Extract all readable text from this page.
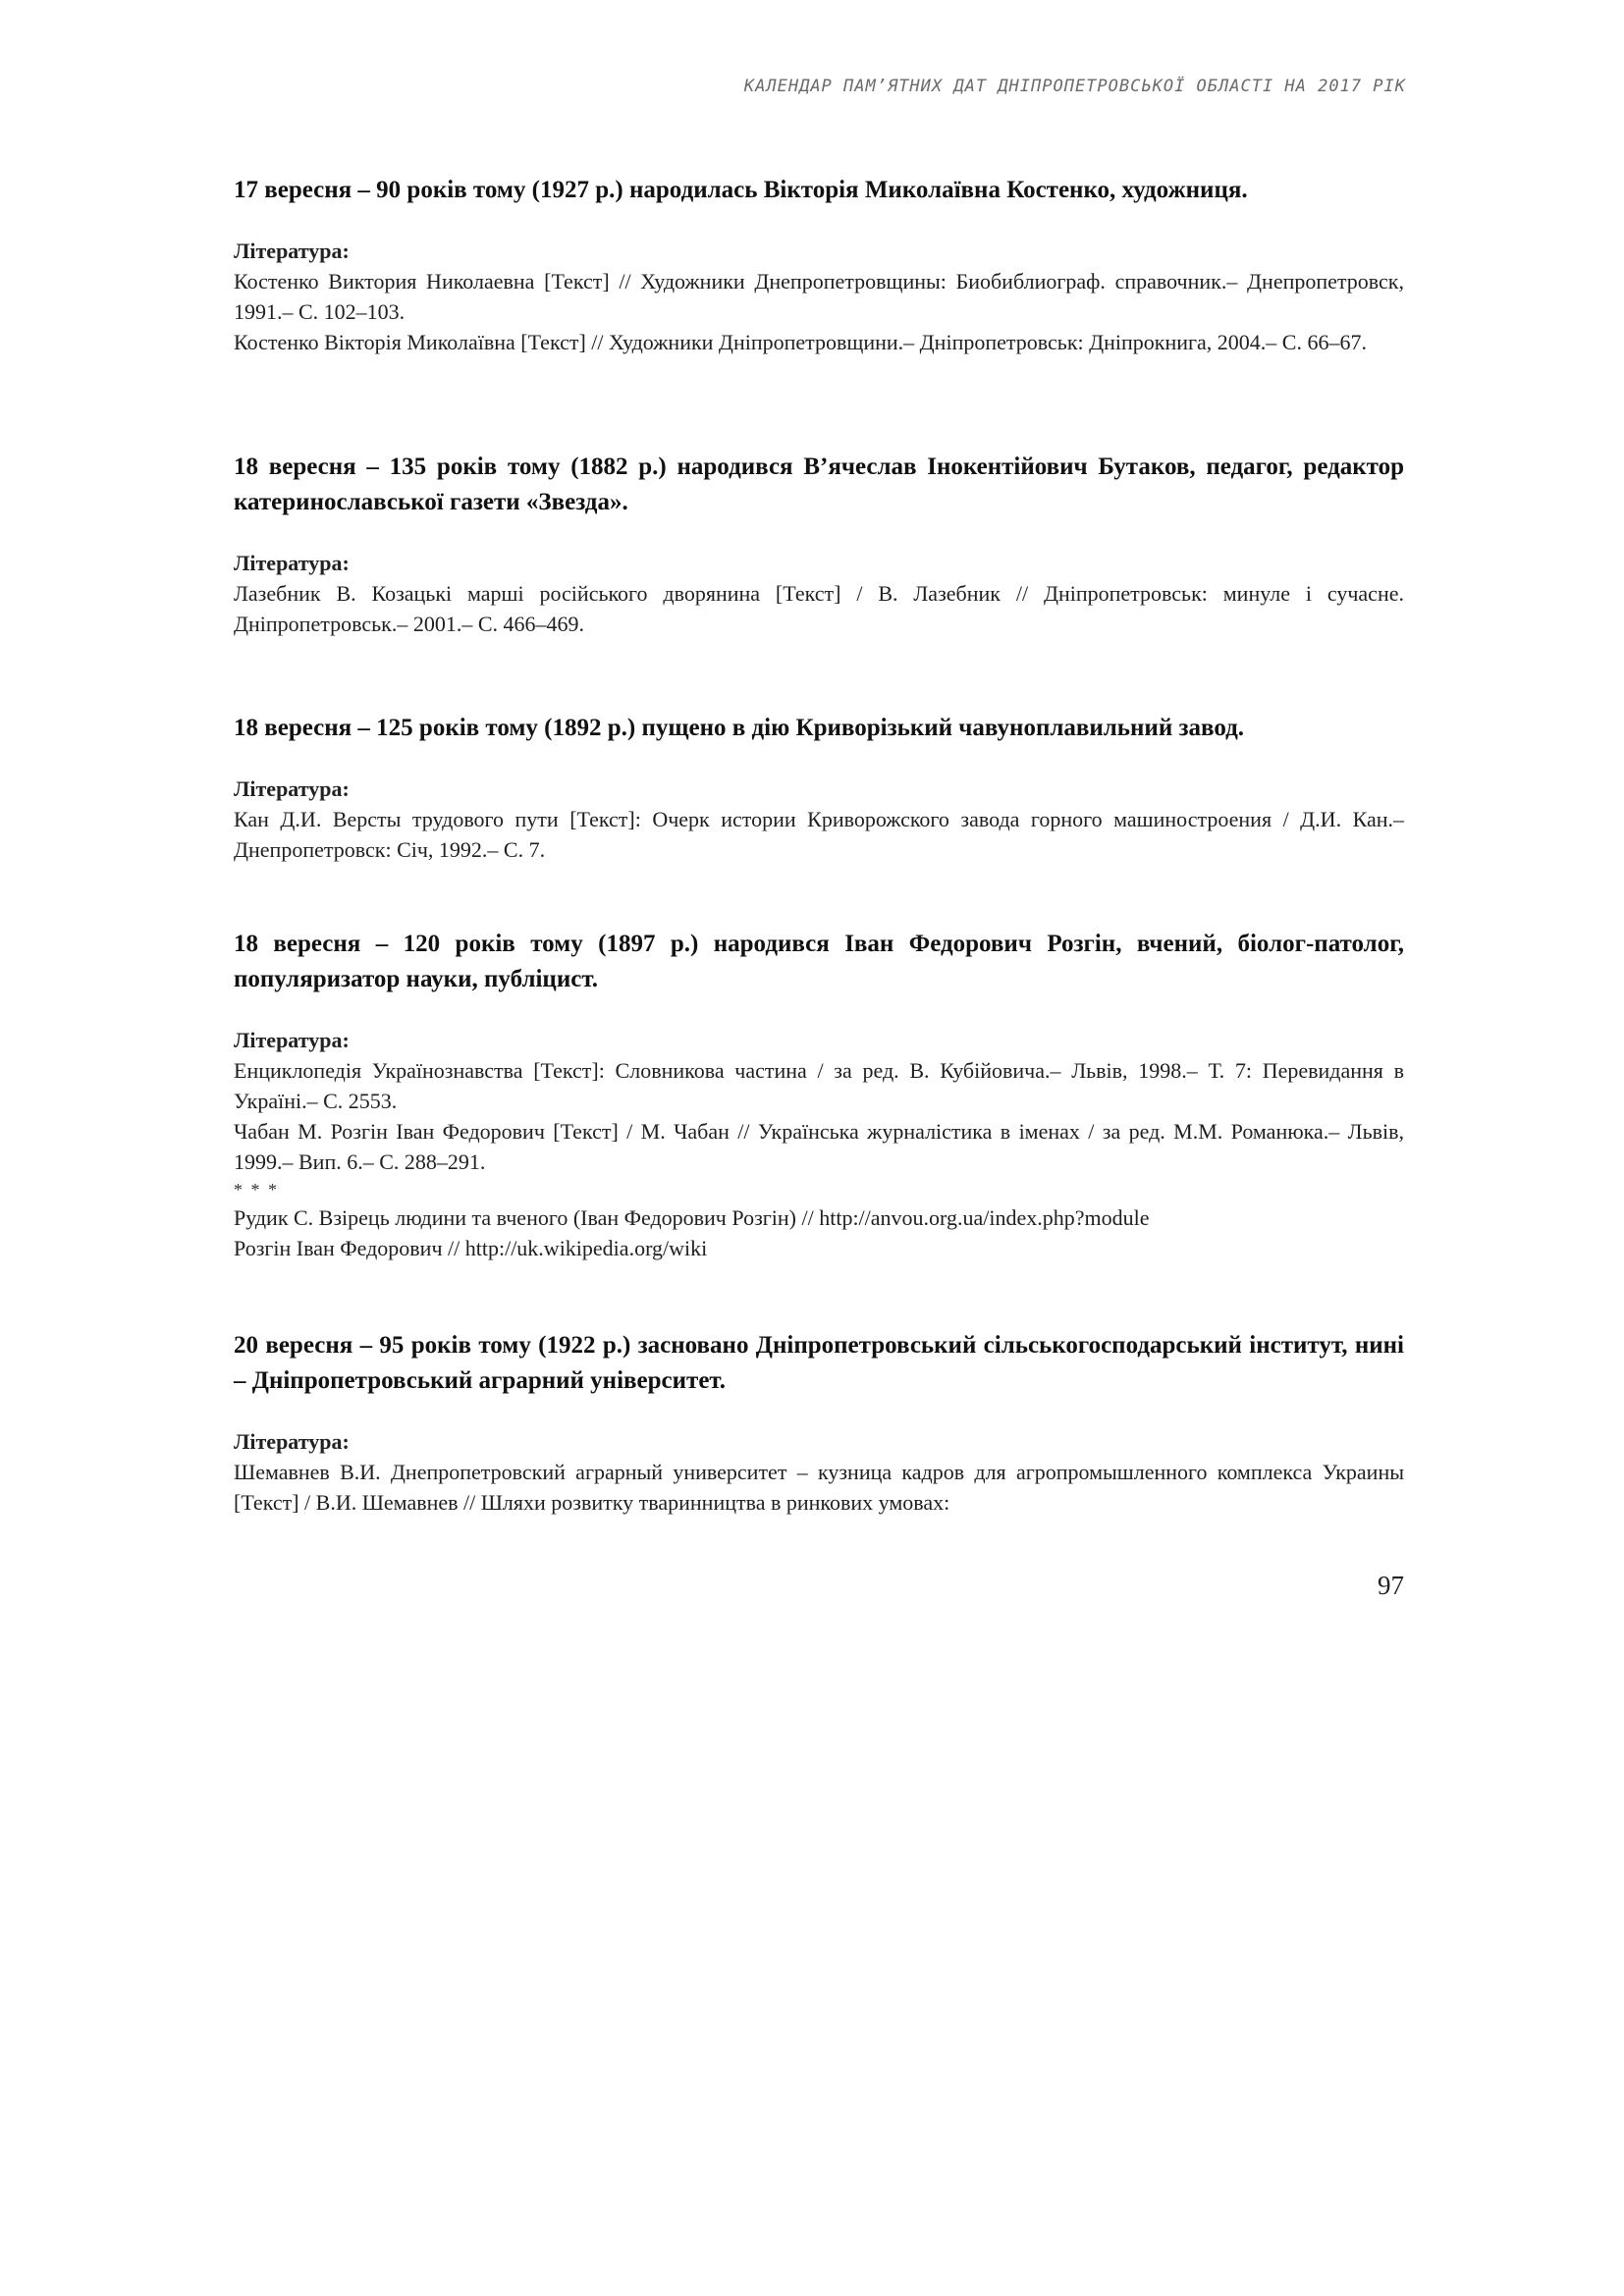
КАЛЕНДАР ПАМ’ЯТНИХ ДАТ ДНІПРОПЕТРОВСЬКОЇ ОБЛАСТІ НА 2017 РІК

17 вересня – 90 років тому (1927 р.) народилась Вікторія Миколаївна Костенко, художниця.

Література:

Костенко Виктория Николаевна [Текст] // Художники Днепропетровщины: Биобиблиограф. справочник.– Днепропетровск, 1991.– С. 102–103.

Костенко Вікторія Миколаївна [Текст] // Художники Дніпропетровщини.– Дніпропетровськ: Дніпрокнига, 2004.– С. 66–67.

18 вересня – 135 років тому (1882 р.) народився В’ячеслав Інокентійович Бутаков, педагог, редактор катеринославської газети «Звезда».

Література:

Лазебник В. Козацькі марші російського дворянина [Текст] / В. Лазебник // Дніпропетровськ: минуле і сучасне. Дніпропетровськ.– 2001.– С. 466–469.

18 вересня – 125 років тому (1892 р.) пущено в дію Криворізький чавуноплавильний завод.

Література:

Кан Д.И. Версты трудового пути [Текст]: Очерк истории Криворожского завода горного машиностроения / Д.И. Кан.– Днепропетровск: Січ, 1992.– С. 7.

18 вересня – 120 років тому (1897 р.) народився Іван Федорович Розгін, вчений, біолог-патолог, популяризатор науки, публіцист.

Література:

Енциклопедія Українознавства [Текст]: Словникова частина / за ред. В. Кубійовича.– Львів, 1998.– Т. 7: Перевидання в Україні.– С. 2553.

Чабан М. Розгін Іван Федорович [Текст] / М. Чабан // Українська журналістика в іменах / за ред. М.М. Романюка.– Львів, 1999.– Вип. 6.– С. 288–291.

* * *

Рудик С. Взірець людини та вченого (Іван Федорович Розгін) // http://anvou.org.ua/index.php?module

Розгін Іван Федорович // http://uk.wikipedia.org/wiki

20 вересня – 95 років тому (1922 р.) засновано Дніпропетровський сільськогосподарський інститут, нині – Дніпропетровський аграрний університет.

Література:

Шемавнев В.И. Днепропетровский аграрный университет – кузница кадров для агропромышленного комплекса Украины [Текст] / В.И. Шемавнев // Шляхи розвитку тваринництва в ринкових умовах:

97
